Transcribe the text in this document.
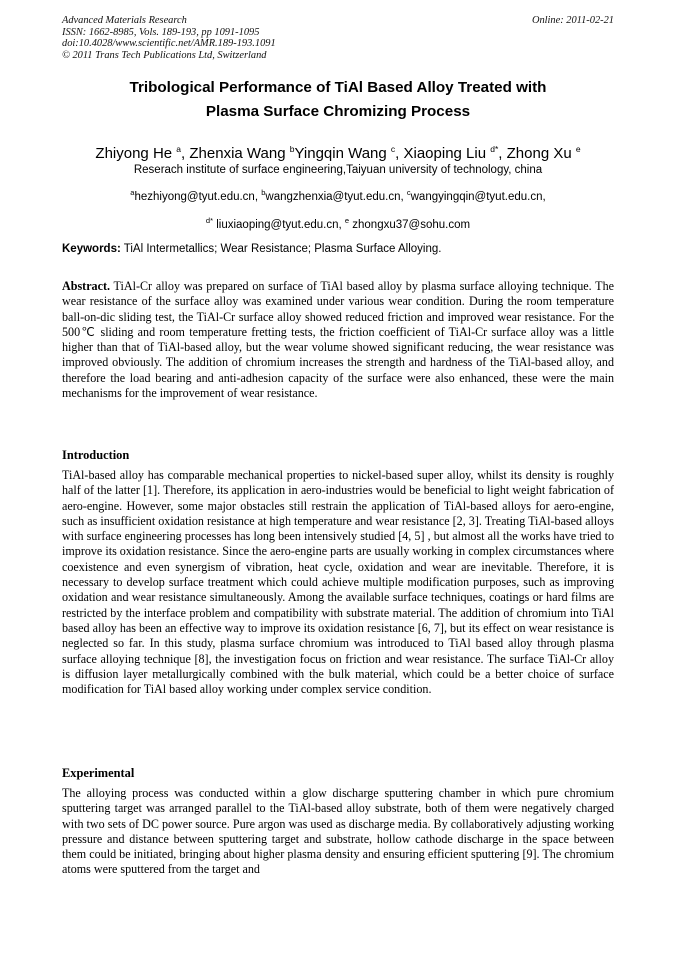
Advanced Materials Research
ISSN: 1662-8985, Vols. 189-193, pp 1091-1095
doi:10.4028/www.scientific.net/AMR.189-193.1091
© 2011 Trans Tech Publications Ltd, Switzerland
Online: 2011-02-21
Tribological Performance of TiAl Based Alloy Treated with
Plasma Surface Chromizing Process
Zhiyong He $^a$, Zhenxia Wang $^b$Yingqin Wang $^c$, Xiaoping Liu $^{d*}$, Zhong Xu $^e$
Reserach institute of surface engineering,Taiyuan university of technology, china
$^a$hezhiyong@tyut.edu.cn, $^b$wangzhenxia@tyut.edu.cn, $^c$wangyingqin@tyut.edu.cn,
$^{d*}$ liuxiaoping@tyut.edu.cn, $^e$ zhongxu37@sohu.com
Keywords: TiAl Intermetallics; Wear Resistance; Plasma Surface Alloying.
Abstract. TiAl-Cr alloy was prepared on surface of TiAl based alloy by plasma surface alloying technique. The wear resistance of the surface alloy was examined under various wear condition. During the room temperature ball-on-dic sliding test, the TiAl-Cr surface alloy showed reduced friction and improved wear resistance. For the 500℃ sliding and room temperature fretting tests, the friction coefficient of TiAl-Cr surface alloy was a little higher than that of TiAl-based alloy, but the wear volume showed significant reducing, the wear resistance was improved obviously. The addition of chromium increases the strength and hardness of the TiAl-based alloy, and therefore the load bearing and anti-adhesion capacity of the surface were also enhanced, these were the main mechanisms for the improvement of wear resistance.
Introduction
TiAl-based alloy has comparable mechanical properties to nickel-based super alloy, whilst its density is roughly half of the latter [1]. Therefore, its application in aero-industries would be beneficial to light weight fabrication of aero-engine. However, some major obstacles still restrain the application of TiAl-based alloys for aero-engine, such as insufficient oxidation resistance at high temperature and wear resistance [2, 3]. Treating TiAl-based alloys with surface engineering processes has long been intensively studied [4, 5] , but almost all the works have tried to improve its oxidation resistance. Since the aero-engine parts are usually working in complex circumstances where coexistence and even synergism of vibration, heat cycle, oxidation and wear are inevitable. Therefore, it is necessary to develop surface treatment which could achieve multiple modification purposes, such as improving oxidation and wear resistance simultaneously. Among the available surface techniques, coatings or hard films are restricted by the interface problem and compatibility with substrate material. The addition of chromium into TiAl based alloy has been an effective way to improve its oxidation resistance [6, 7], but its effect on wear resistance is neglected so far. In this study, plasma surface chromium was introduced to TiAl based alloy through plasma surface alloying technique [8], the investigation focus on friction and wear resistance. The surface TiAl-Cr alloy is diffusion layer metallurgically combined with the bulk material, which could be a better choice of surface modification for TiAl based alloy working under complex service condition.
Experimental
The alloying process was conducted within a glow discharge sputtering chamber in which pure chromium sputtering target was arranged parallel to the TiAl-based alloy substrate, both of them were negatively charged with two sets of DC power source. Pure argon was used as discharge media. By collaboratively adjusting working pressure and distance between sputtering target and substrate, hollow cathode discharge in the space between them could be initiated, bringing about higher plasma density and ensuring efficient sputtering [9]. The chromium atoms were sputtered from the target and
